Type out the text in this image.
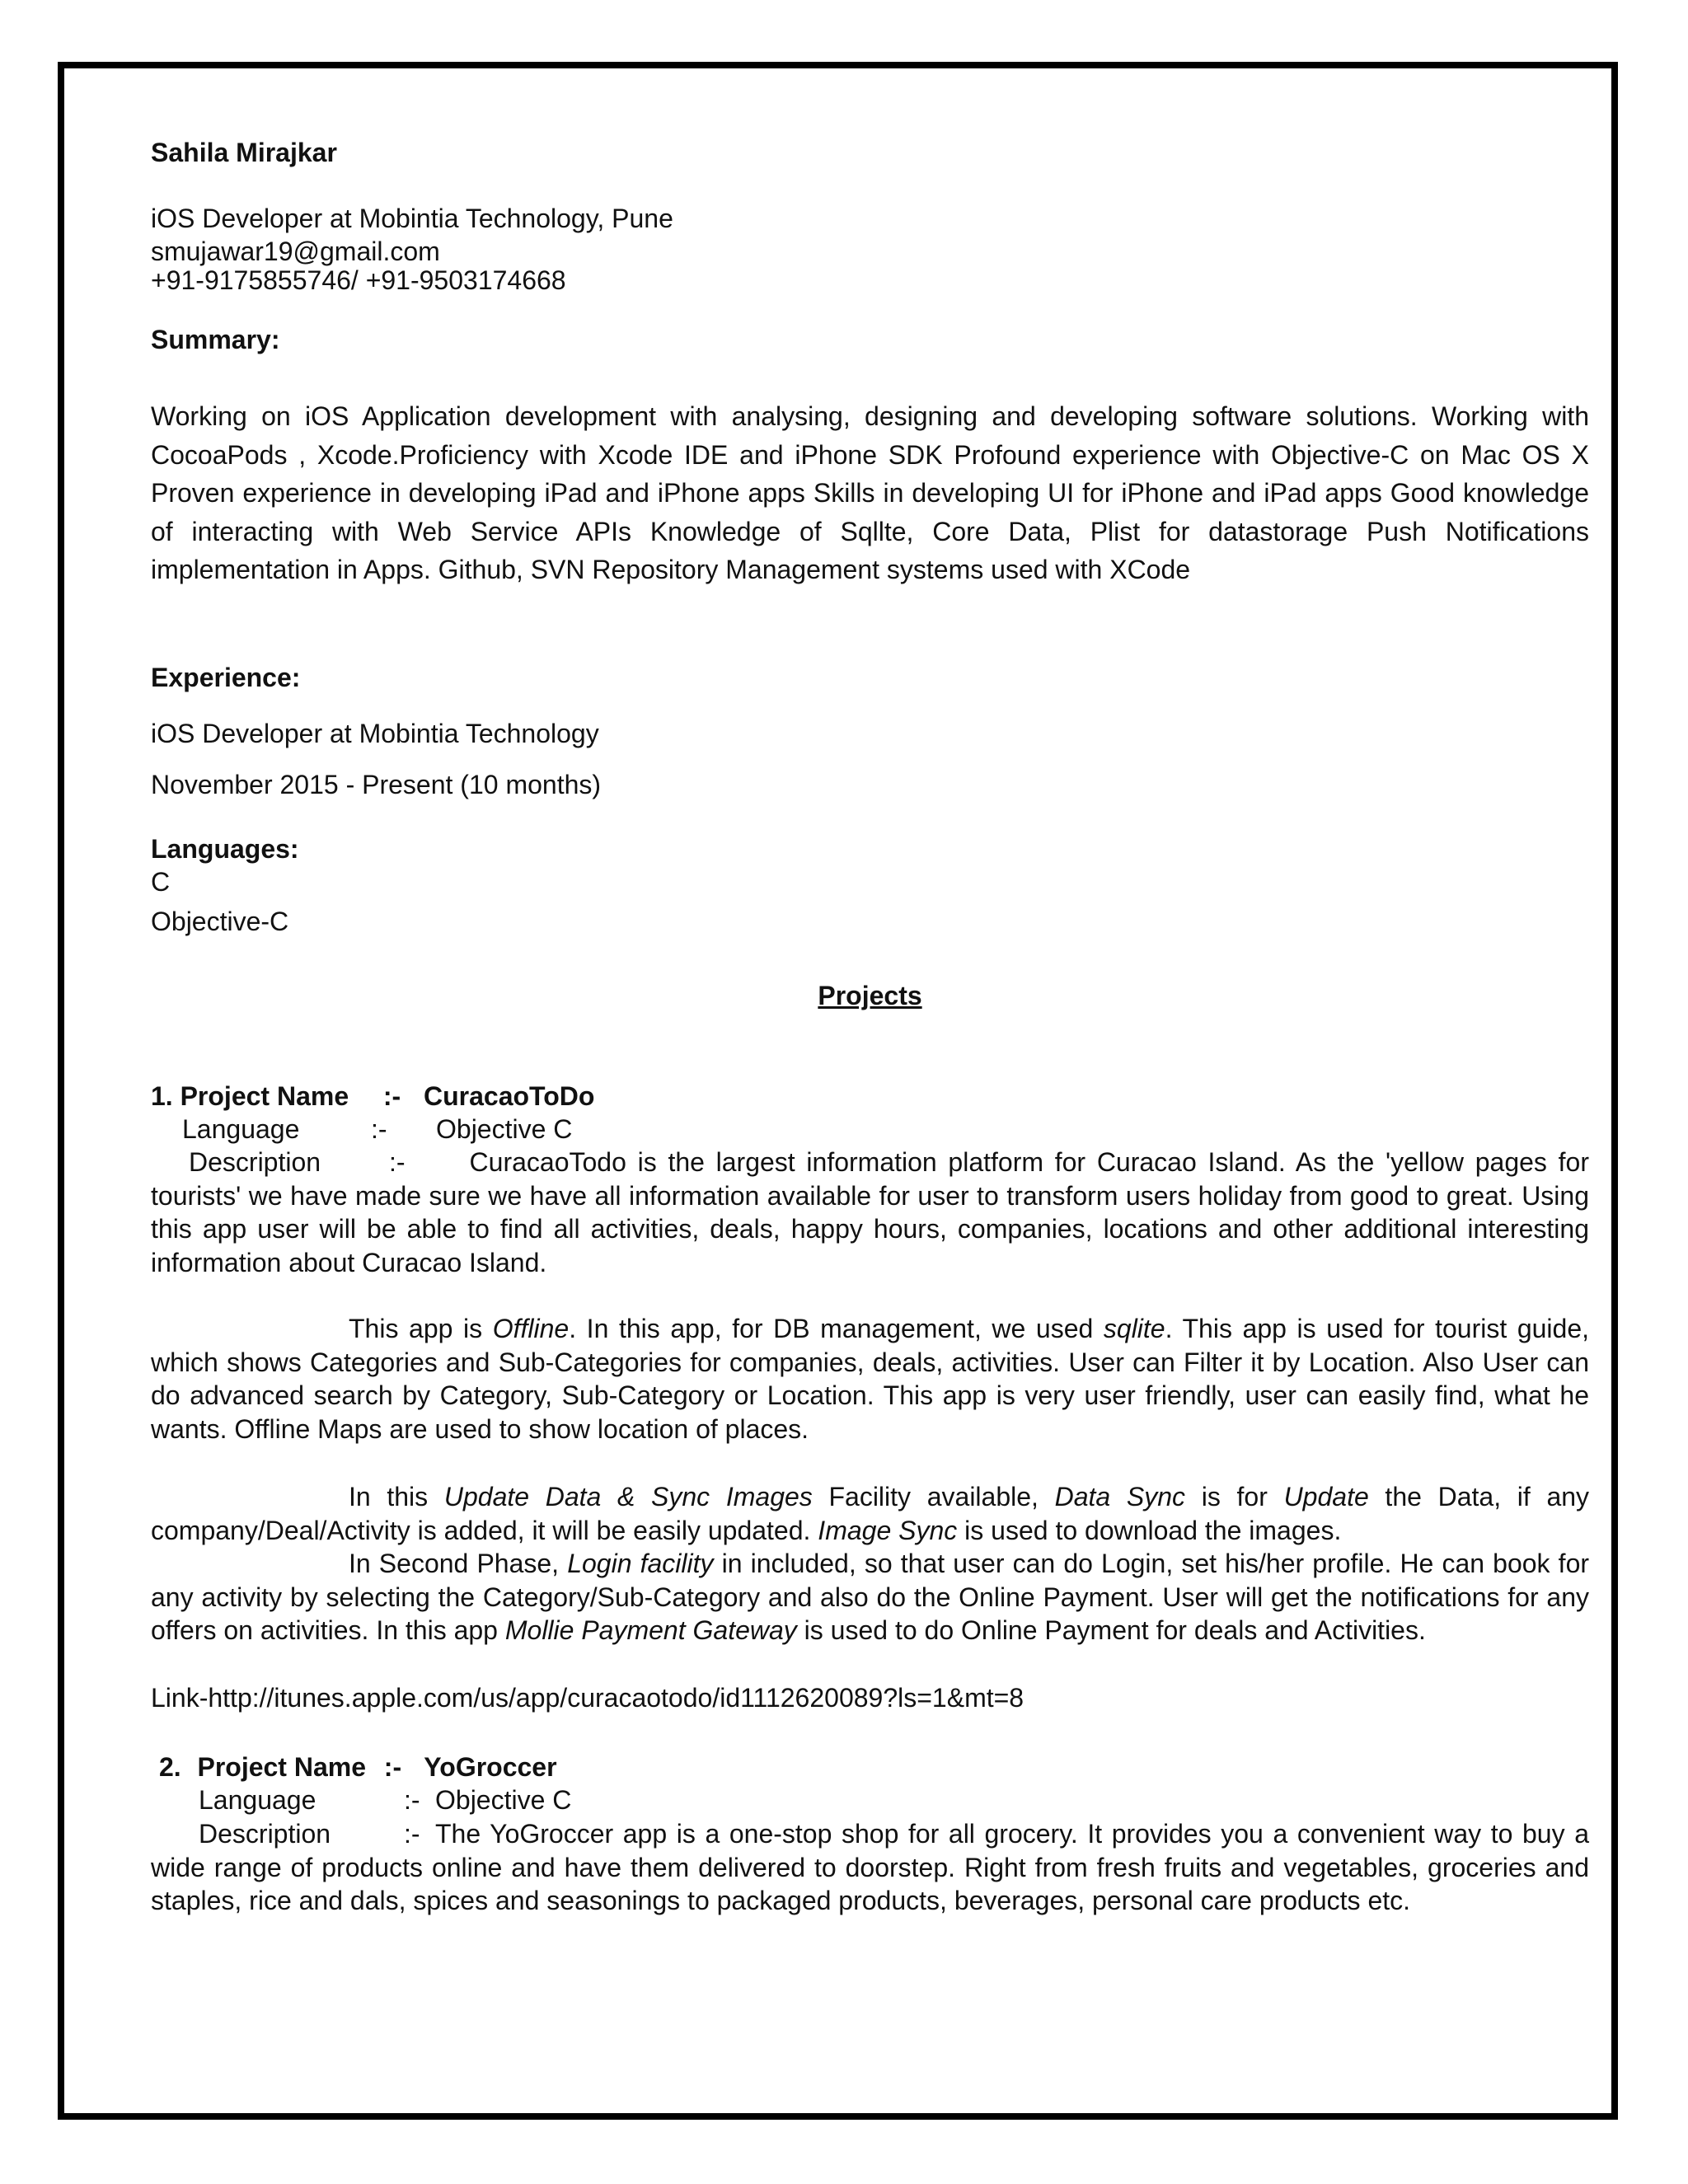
Sahila Mirajkar
iOS Developer at Mobintia Technology, Pune
smujawar19@gmail.com
+91-9175855746/ +91-9503174668
Summary:
Working on iOS Application development with analysing, designing and developing software solutions. Working with CocoaPods , Xcode.Proficiency with Xcode IDE and iPhone SDK Profound experience with Objective-C on Mac OS X Proven experience in developing iPad and iPhone apps Skills in developing UI for iPhone and iPad apps Good knowledge of interacting with Web Service APIs Knowledge of Sqllte, Core Data, Plist for datastorage Push Notifications implementation in Apps. Github, SVN Repository Management systems used with XCode
Experience:
iOS Developer at Mobintia Technology
November 2015 - Present (10 months)
Languages:
C
Objective-C
Projects
1. Project Name :- CuracaoToDo
Language	:- Objective C
Description	:- CuracaoTodo is the largest information platform for Curacao Island. As the 'yellow pages for tourists' we have made sure we have all information available for user to transform users holiday from good to great. Using this app user will be able to find all activities, deals, happy hours, companies, locations and other additional interesting information about Curacao Island.
This app is Offline. In this app, for DB management, we used sqlite. This app is used for tourist guide, which shows Categories and Sub-Categories for companies, deals, activities. User can Filter it by Location. Also User can do advanced search by Category, Sub-Category or Location. This app is very user friendly, user can easily find, what he wants. Offline Maps are used to show location of places.
In this Update Data & Sync Images Facility available, Data Sync is for Update the Data, if any company/Deal/Activity is added, it will be easily updated. Image Sync is used to download the images.
In Second Phase, Login facility in included, so that user can do Login, set his/her profile. He can book for any activity by selecting the Category/Sub-Category and also do the Online Payment. User will get the notifications for any offers on activities. In this app Mollie Payment Gateway is used to do Online Payment for deals and Activities.
Link-http://itunes.apple.com/us/app/curacaotodo/id1112620089?ls=1&mt=8
2. Project Name :- YoGroccer
Language	:- Objective C
Description	:- The YoGroccer app is a one-stop shop for all grocery. It provides you a convenient way to buy a wide range of products online and have them delivered to doorstep. Right from fresh fruits and vegetables, groceries and staples, rice and dals, spices and seasonings to packaged products, beverages, personal care products etc.
